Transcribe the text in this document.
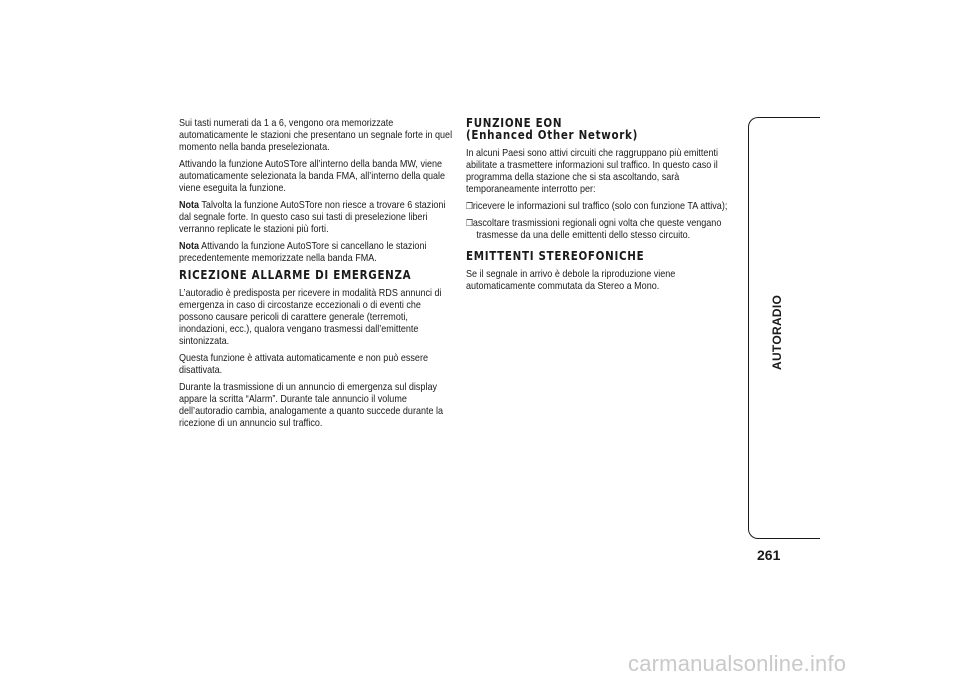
Sui tasti numerati da 1 a 6, vengono ora memorizzate automaticamente le stazioni che presentano un segnale forte in quel momento nella banda preselezionata.

Attivando la funzione AutoSTore all’interno della banda MW, viene automaticamente selezionata la banda FMA, all’interno della quale viene eseguita la funzione.

Nota Talvolta la funzione AutoSTore non riesce a trovare 6 stazioni dal segnale forte. In questo caso sui tasti di preselezione liberi verranno replicate le stazioni più forti.

Nota Attivando la funzione AutoSTore si cancellano le stazioni precedentemente memorizzate nella banda FMA.

RICEZIONE ALLARME DI EMERGENZA

L’autoradio è predisposta per ricevere in modalità RDS annunci di emergenza in caso di circostanze eccezionali o di eventi che possono causare pericoli di carattere generale (terremoti, inondazioni, ecc.), qualora vengano trasmessi dall’emittente sintonizzata.

Questa funzione è attivata automaticamente e non può essere disattivata.

Durante la trasmissione di un annuncio di emergenza sul display appare la scritta “Alarm”. Durante tale annuncio il volume dell’autoradio cambia, analogamente a quanto succede durante la ricezione di un annuncio sul traffico.

FUNZIONE EON
(Enhanced Other Network)

In alcuni Paesi sono attivi circuiti che raggruppano più emittenti abilitate a trasmettere informazioni sul traffico. In questo caso il programma della stazione che si sta ascoltando, sarà temporaneamente interrotto per:

❒ricevere le informazioni sul traffico (solo con funzione TA attiva);

❒ascoltare trasmissioni regionali ogni volta che queste vengano trasmesse da una delle emittenti dello stesso circuito.

EMITTENTI STEREOFONICHE

Se il segnale in arrivo è debole la riproduzione viene automaticamente commutata da Stereo a Mono.

AUTORADIO
261
carmanualsonline.info
